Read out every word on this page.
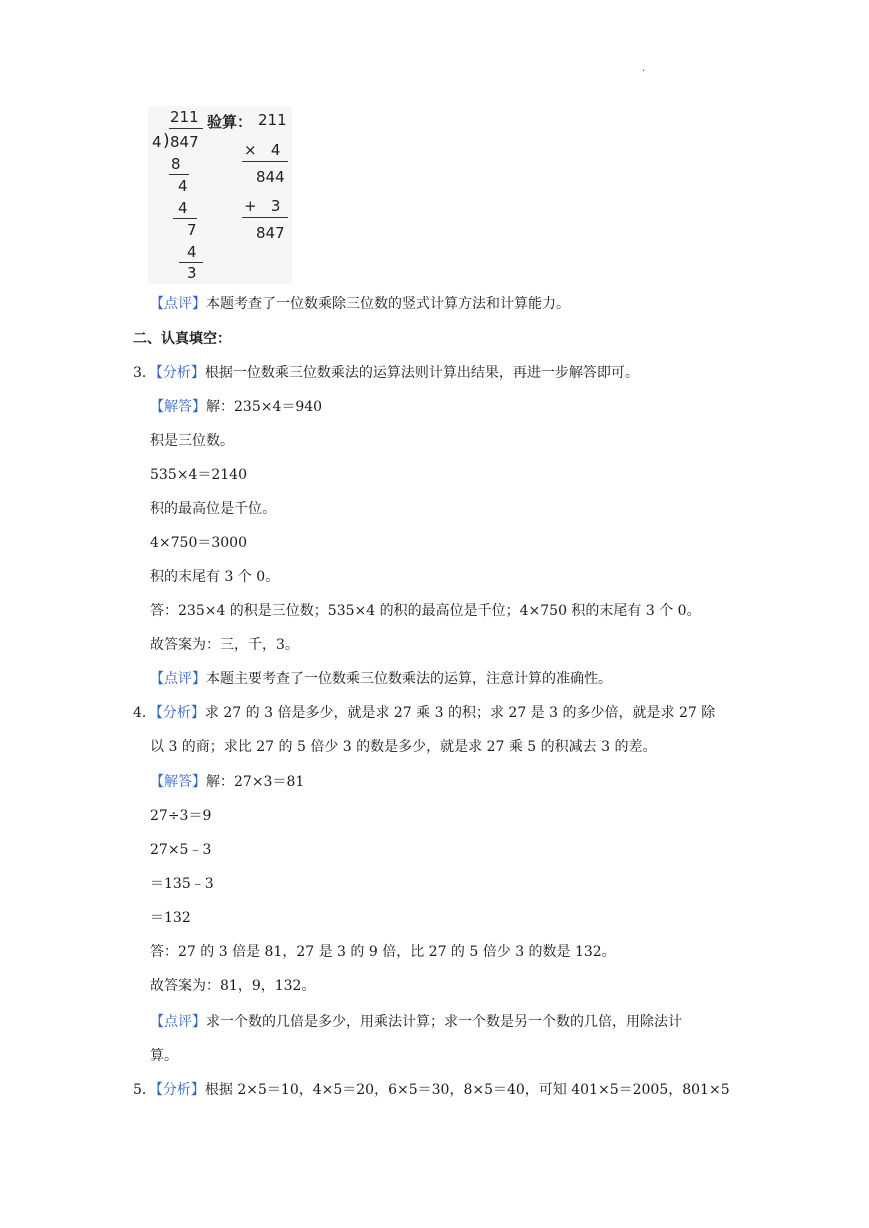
·
211
4 ) 847
8
4
4
7
4
3
验算： 211
×   4
844
+   3
847
【点评】本题考查了一位数乘除三位数的竖式计算方法和计算能力。
二、认真填空：
3．【分析】根据一位数乘三位数乘法的运算法则计算出结果，再进一步解答即可。
【解答】解：235×4＝940
积是三位数。
535×4＝2140
积的最高位是千位。
4×750＝3000
积的末尾有 3 个 0。
答：235×4 的积是三位数；535×4 的积的最高位是千位；4×750 积的末尾有 3 个 0。
故答案为：三，千，3。
【点评】本题主要考查了一位数乘三位数乘法的运算，注意计算的准确性。
4．【分析】求 27 的 3 倍是多少，就是求 27 乘 3 的积；求 27 是 3 的多少倍，就是求 27 除
以 3 的商；求比 27 的 5 倍少 3 的数是多少，就是求 27 乘 5 的积减去 3 的差。
【解答】解：27×3＝81
27÷3＝9
27×5﹣3
＝135﹣3
＝132
答：27 的 3 倍是 81，27 是 3 的 9 倍，比 27 的 5 倍少 3 的数是 132。
故答案为：81，9，132。
【点评】求一个数的几倍是多少，用乘法计算；求一个数是另一个数的几倍，用除法计
算。
5．【分析】根据 2×5＝10，4×5＝20，6×5＝30，8×5＝40，可知 401×5＝2005，801×5
